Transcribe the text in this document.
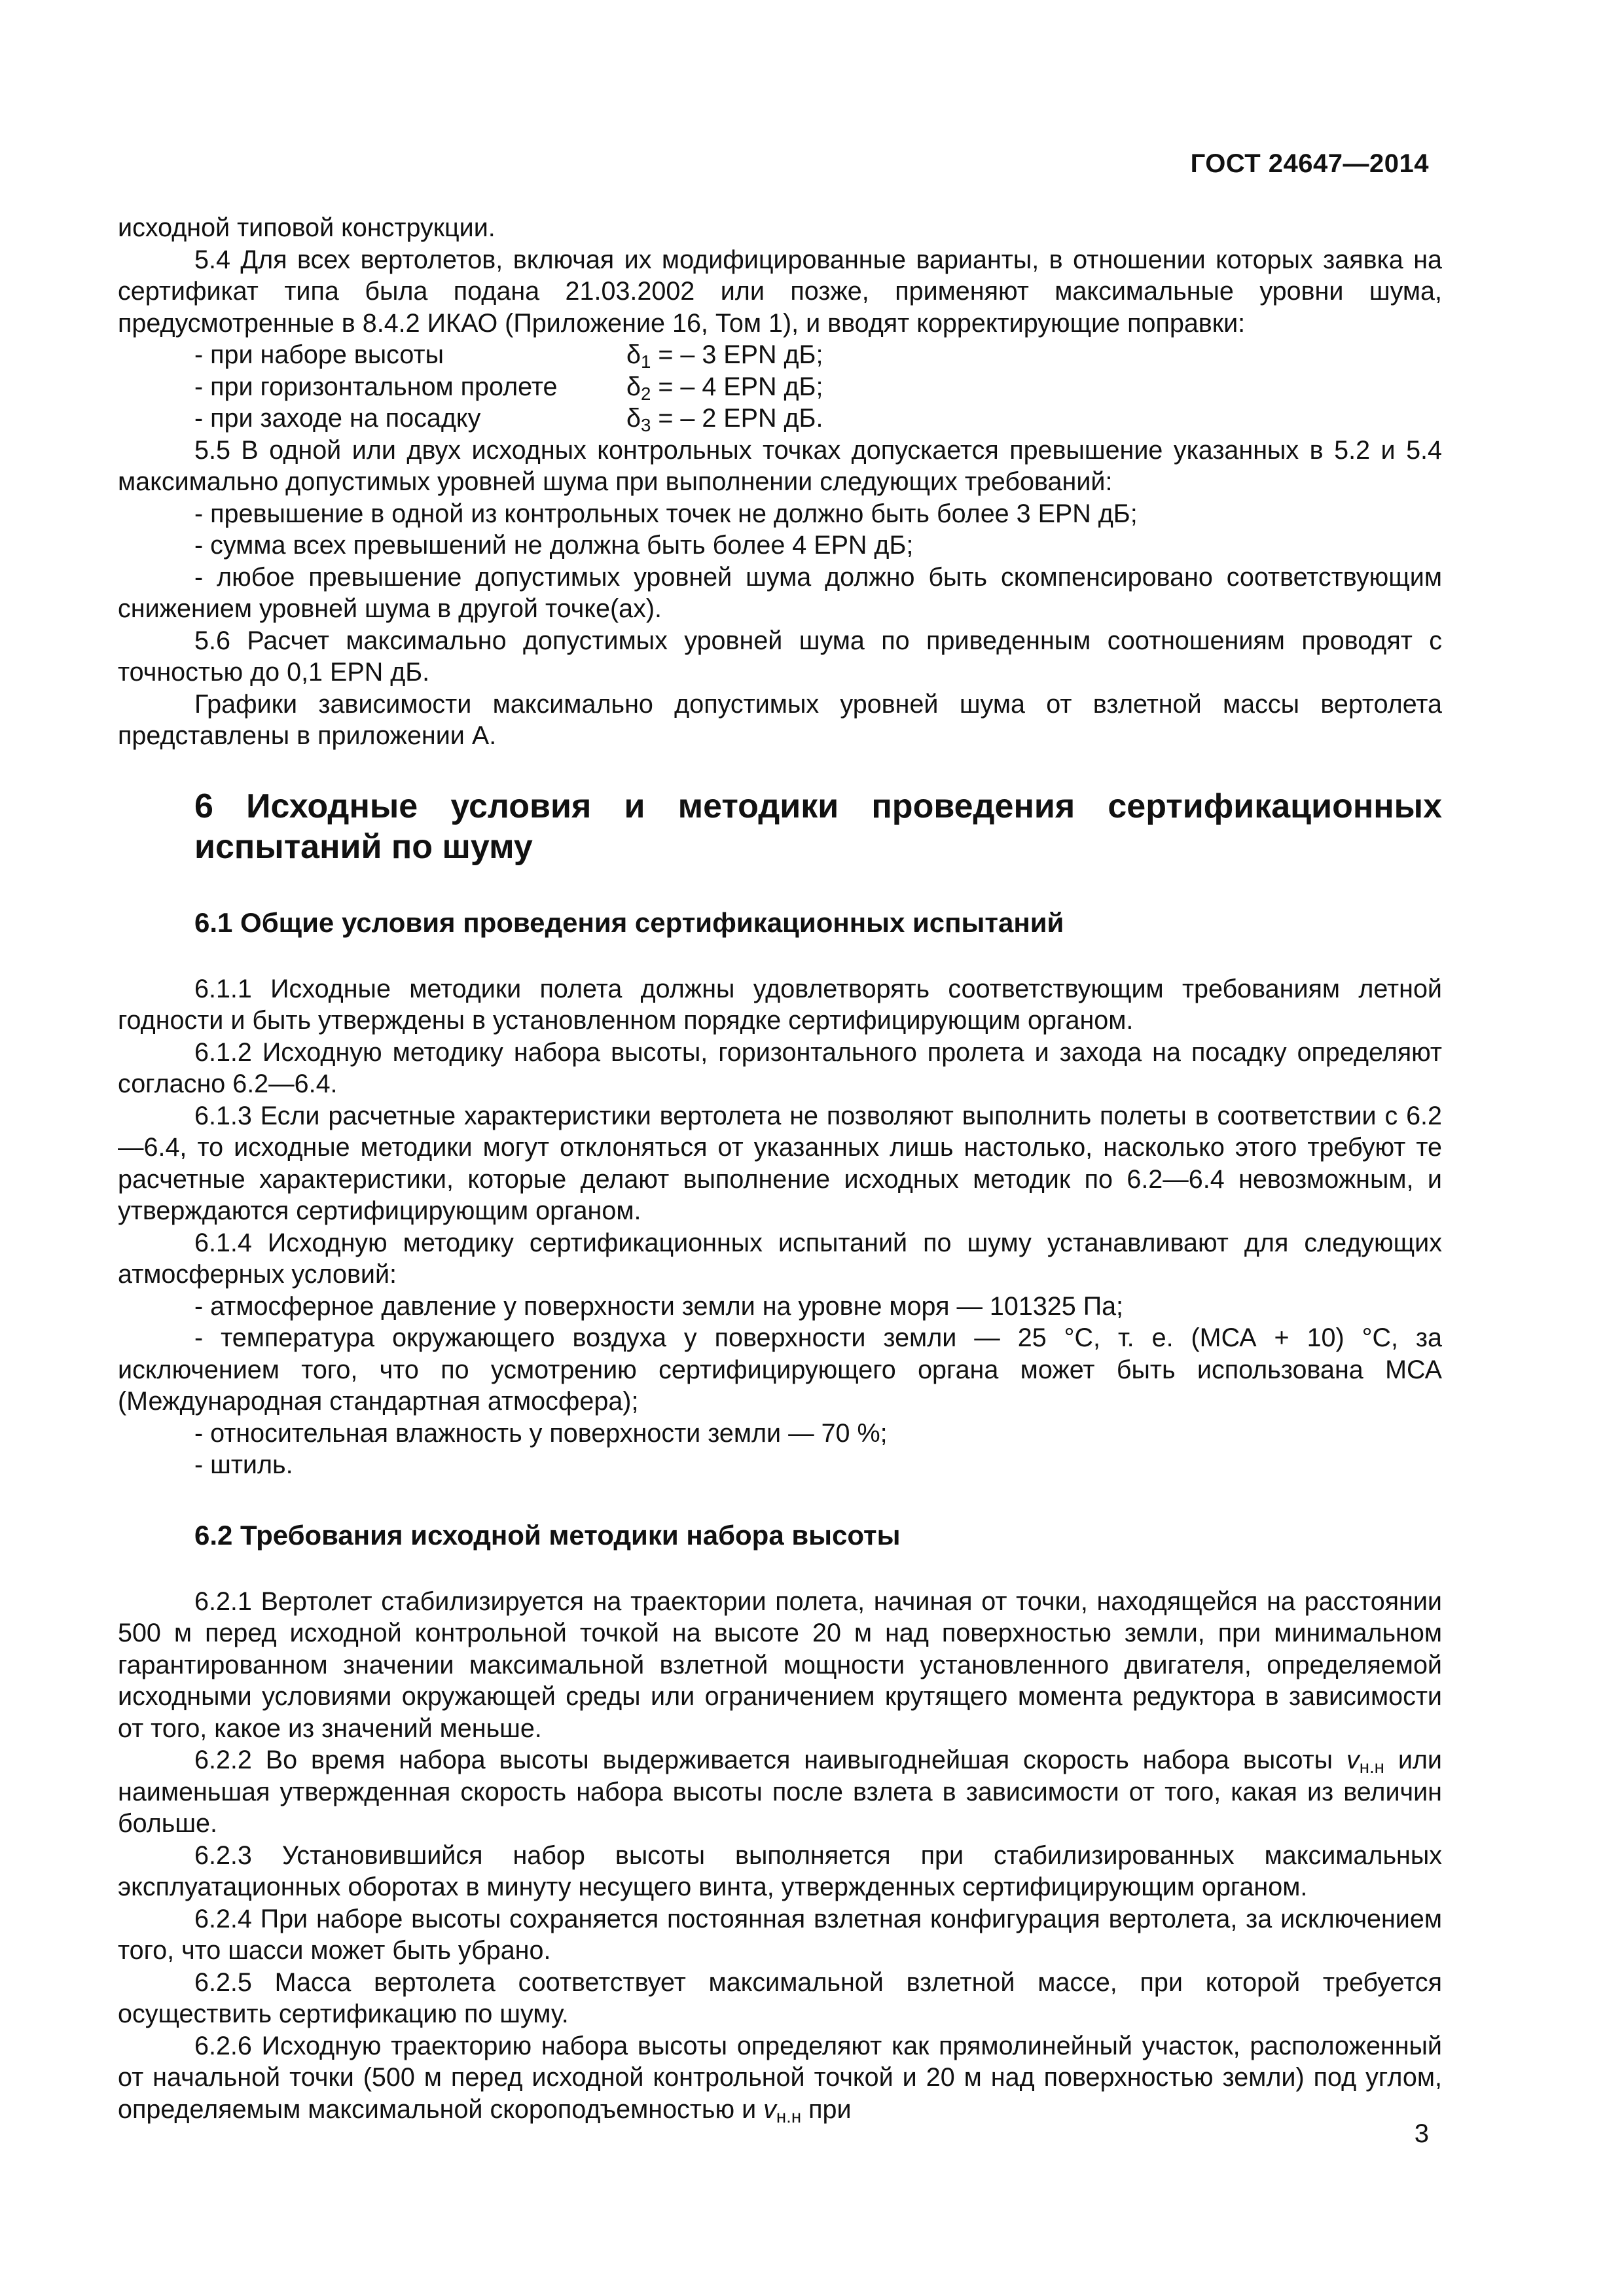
ГОСТ 24647—2014

исходной типовой конструкции.

5.4 Для всех вертолетов, включая их модифицированные варианты, в отношении которых заявка на сертификат типа была подана 21.03.2002 или позже, применяют максимальные уровни шума, предусмотренные в 8.4.2 ИКАО (Приложение 16, Том 1), и вводят корректирующие поправки:

- при наборе высоты	$\delta_1$ = – 3 EPN дБ;
- при горизонтальном пролете	$\delta_2$ = – 4 EPN дБ;
- при заходе на посадку	$\delta_3$ = – 2 EPN дБ.

5.5 В одной или двух исходных контрольных точках допускается превышение указанных в 5.2 и 5.4 максимально допустимых уровней шума при выполнении следующих требований:

- превышение в одной из контрольных точек не должно быть более 3 EPN дБ;

- сумма всех превышений не должна быть более 4 EPN дБ;

- любое превышение допустимых уровней шума должно быть скомпенсировано соответствующим снижением уровней шума в другой точке(ах).

5.6 Расчет максимально допустимых уровней шума по приведенным соотношениям проводят с точностью до 0,1 EPN дБ.

Графики зависимости максимально допустимых уровней шума от взлетной массы вертолета представлены в приложении А.

6 Исходные условия и методики проведения сертификационных испытаний по шуму
6.1 Общие условия проведения сертификационных испытаний

6.1.1 Исходные методики полета должны удовлетворять соответствующим требованиям летной годности и быть утверждены в установленном порядке сертифицирующим органом.

6.1.2 Исходную методику набора высоты, горизонтального пролета и захода на посадку определяют согласно 6.2—6.4.

6.1.3 Если расчетные характеристики вертолета не позволяют выполнить полеты в соответствии с 6.2—6.4, то исходные методики могут отклоняться от указанных лишь настолько, насколько этого требуют те расчетные характеристики, которые делают выполнение исходных методик по 6.2—6.4 невозможным, и утверждаются сертифицирующим органом.

6.1.4 Исходную методику сертификационных испытаний по шуму устанавливают для следующих атмосферных условий:

- атмосферное давление у поверхности земли на уровне моря — 101325 Па;

- температура окружающего воздуха у поверхности земли — 25 °С, т. е. (МСА + 10) °С, за исключением того, что по усмотрению сертифицирующего органа может быть использована МСА (Международная стандартная атмосфера);

- относительная влажность у поверхности земли — 70 %;

- штиль.

6.2 Требования исходной методики набора высоты

6.2.1 Вертолет стабилизируется на траектории полета, начиная от точки, находящейся на расстоянии 500 м перед исходной контрольной точкой на высоте 20 м над поверхностью земли, при минимальном гарантированном значении максимальной взлетной мощности установленного двигателя, определяемой исходными условиями окружающей среды или ограничением крутящего момента редуктора в зависимости от того, какое из значений меньше.

6.2.2 Во время набора высоты выдерживается наивыгоднейшая скорость набора высоты $v_{н.н}$ или наименьшая утвержденная скорость набора высоты после взлета в зависимости от того, какая из величин больше.

6.2.3 Установившийся набор высоты выполняется при стабилизированных максимальных эксплуатационных оборотах в минуту несущего винта, утвержденных сертифицирующим органом.

6.2.4 При наборе высоты сохраняется постоянная взлетная конфигурация вертолета, за исключением того, что шасси может быть убрано.

6.2.5 Масса вертолета соответствует максимальной взлетной массе, при которой требуется осуществить сертификацию по шуму.

6.2.6 Исходную траекторию набора высоты определяют как прямолинейный участок, расположенный от начальной точки (500 м перед исходной контрольной точкой и 20 м над поверхностью земли) под углом, определяемым максимальной скороподъемностью и $v_{н.н}$ при

3
